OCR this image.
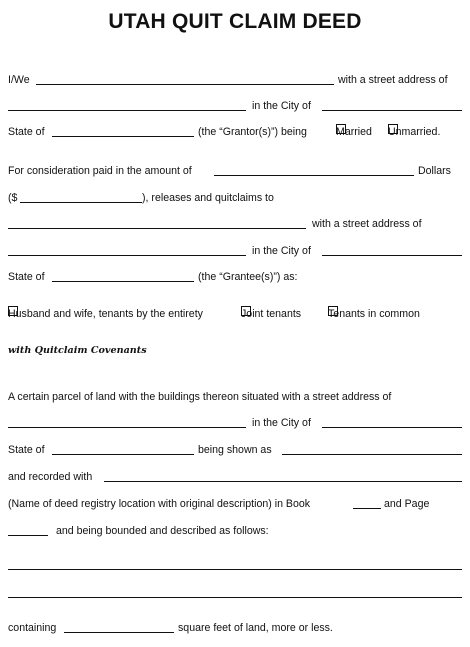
UTAH QUIT CLAIM DEED
I/We	with a street address of
in the City of
State of	(the “Grantor(s)”) being	Married Unmarried.
For consideration paid in the amount of	Dollars
($	), releases and quitclaims to
with a street address of
in the City of
State of	(the “Grantee(s)”) as:
Husband and wife, tenants by the entirety	Joint tenants	Tenants in common
with Quitclaim Covenants
A certain parcel of land with the buildings thereon situated with a street address of
in the City of
State of	being shown as
and recorded with
(Name of deed registry location with original description) in Book	and Page
and being bounded and described as follows:
containing	square feet of land, more or less.
